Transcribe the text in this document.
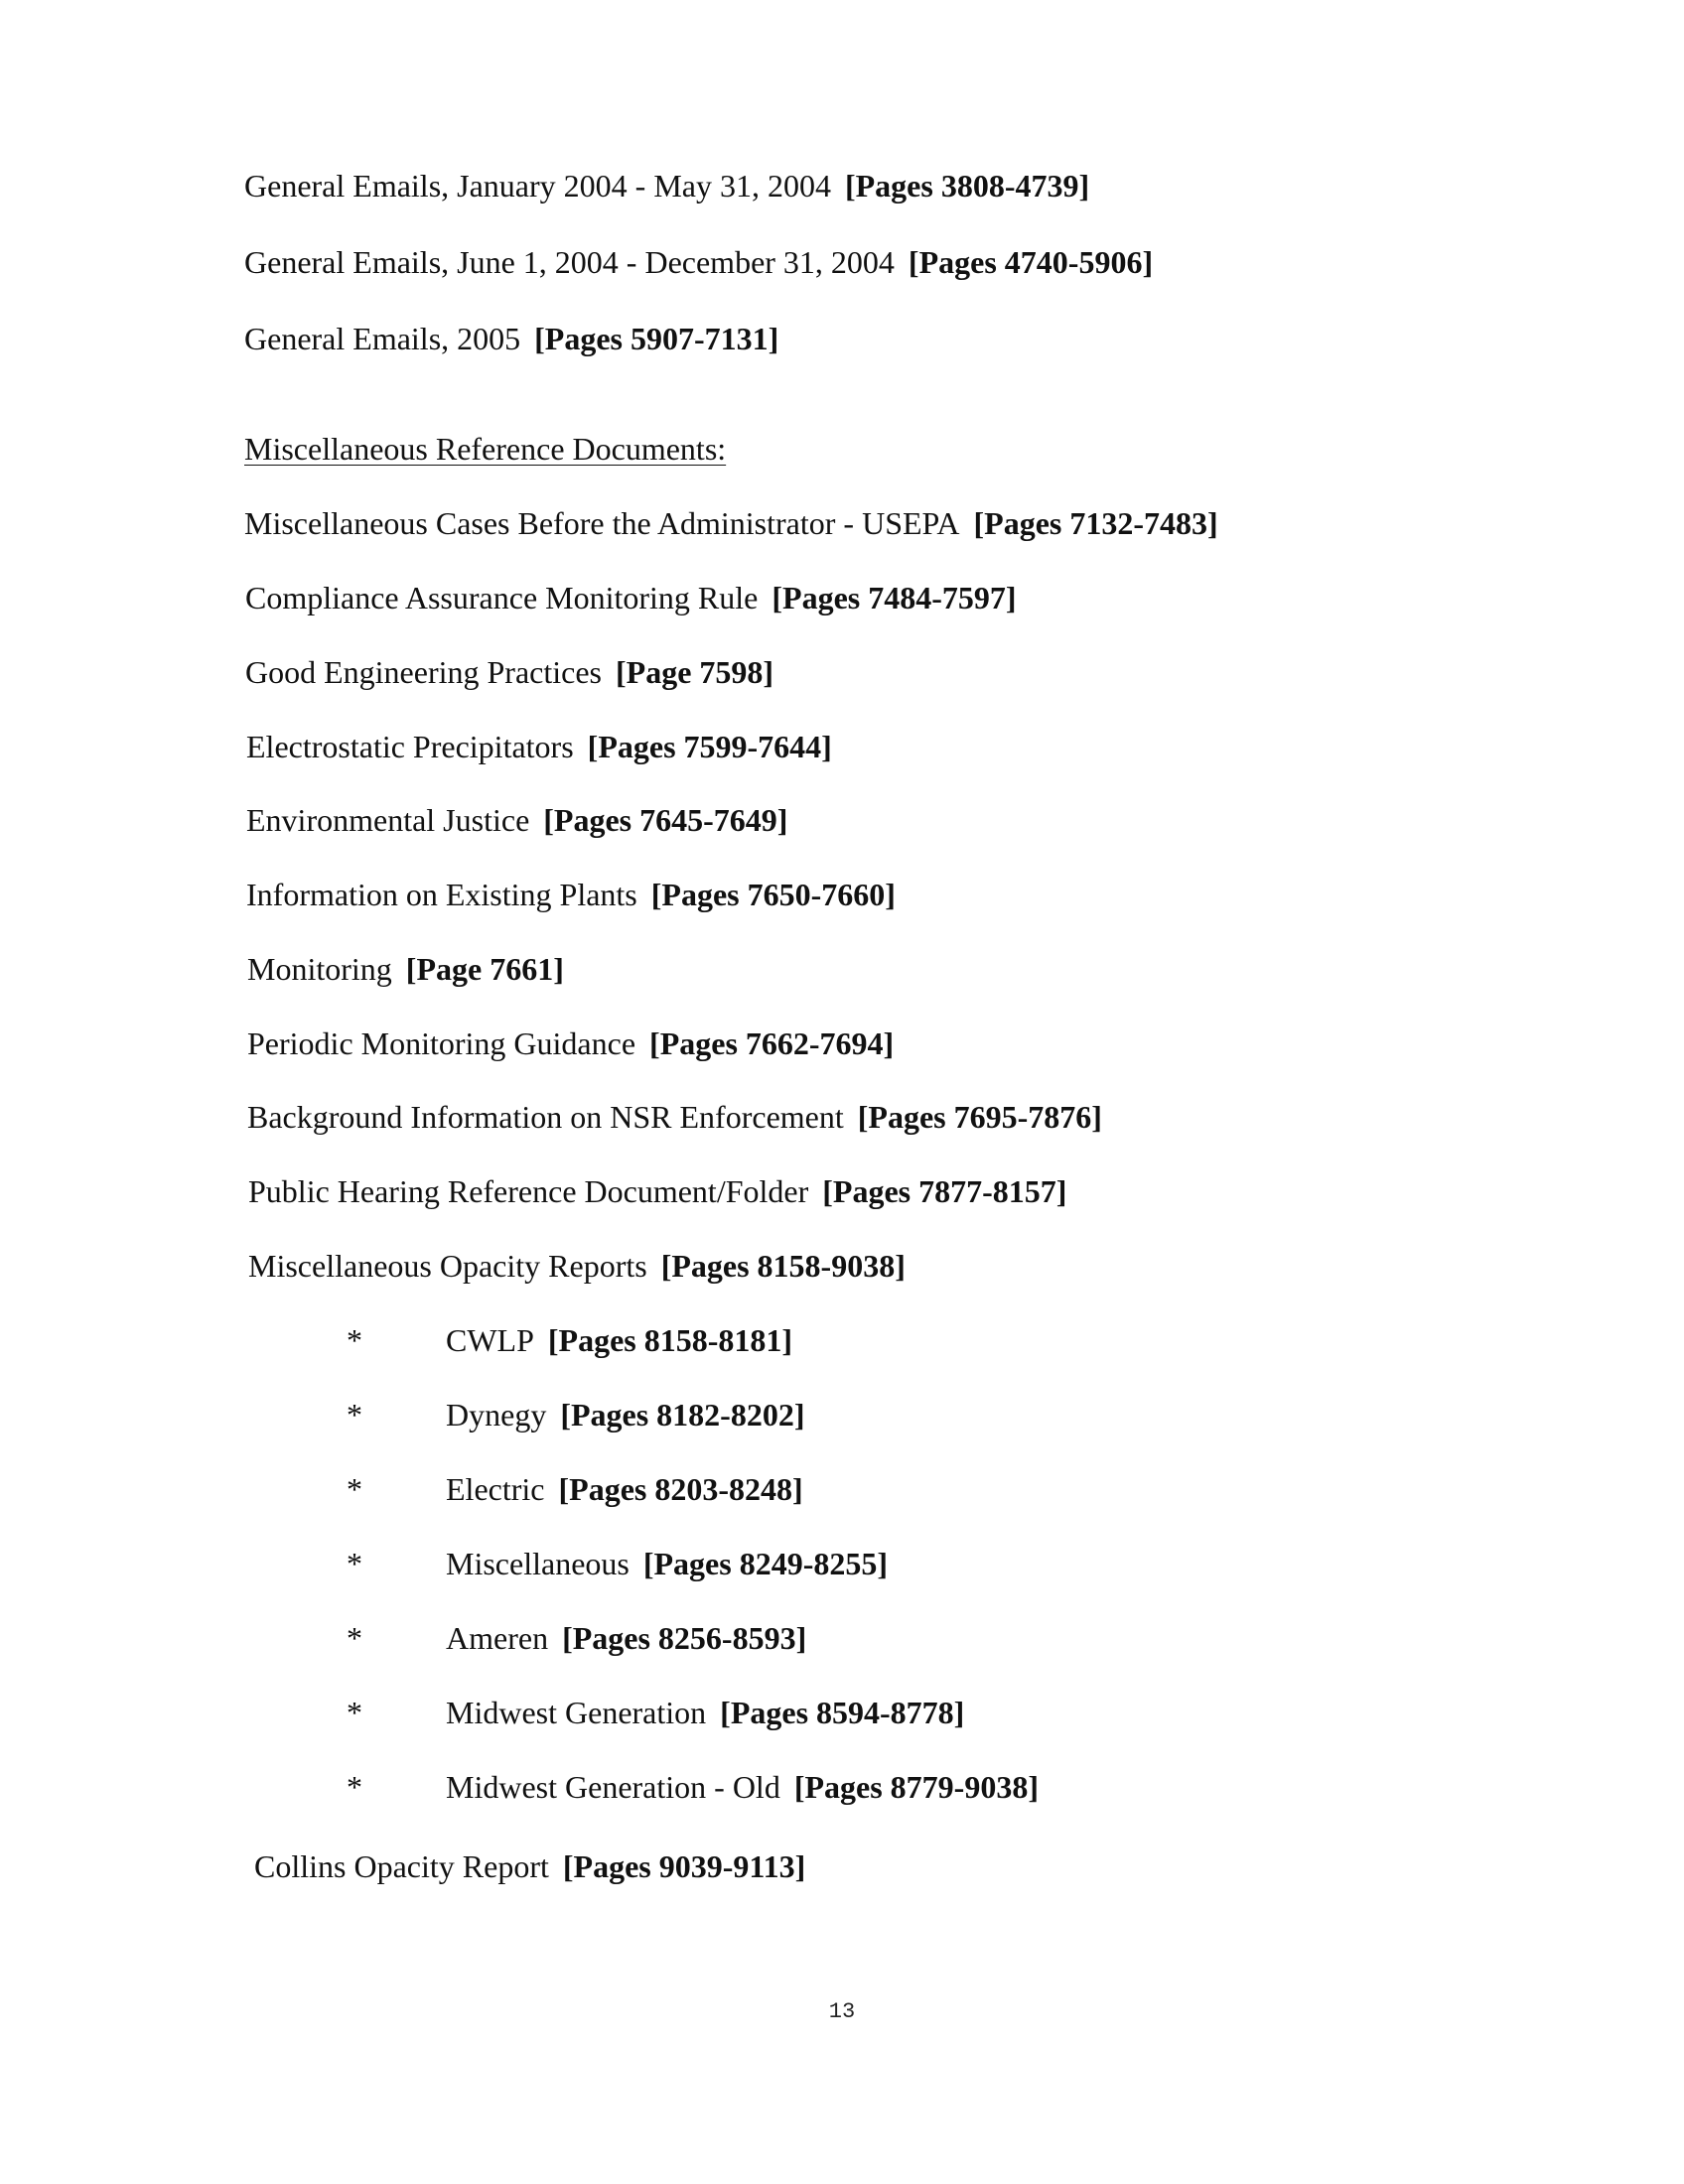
General Emails, January 2004 - May 31, 2004 [Pages 3808-4739]
General Emails, June 1, 2004 - December 31, 2004 [Pages 4740-5906]
General Emails, 2005 [Pages 5907-7131]
Miscellaneous Reference Documents:
Miscellaneous Cases Before the Administrator - USEPA [Pages 7132-7483]
Compliance Assurance Monitoring Rule [Pages 7484-7597]
Good Engineering Practices [Page 7598]
Electrostatic Precipitators [Pages 7599-7644]
Environmental Justice [Pages 7645-7649]
Information on Existing Plants [Pages 7650-7660]
Monitoring [Page 7661]
Periodic Monitoring Guidance [Pages 7662-7694]
Background Information on NSR Enforcement [Pages 7695-7876]
Public Hearing Reference Document/Folder [Pages 7877-8157]
Miscellaneous Opacity Reports [Pages 8158-9038]
*	CWLP [Pages 8158-8181]
*	Dynegy [Pages 8182-8202]
*	Electric [Pages 8203-8248]
*	Miscellaneous [Pages 8249-8255]
*	Ameren [Pages 8256-8593]
*	Midwest Generation [Pages 8594-8778]
*	Midwest Generation - Old [Pages 8779-9038]
Collins Opacity Report [Pages 9039-9113]
13
